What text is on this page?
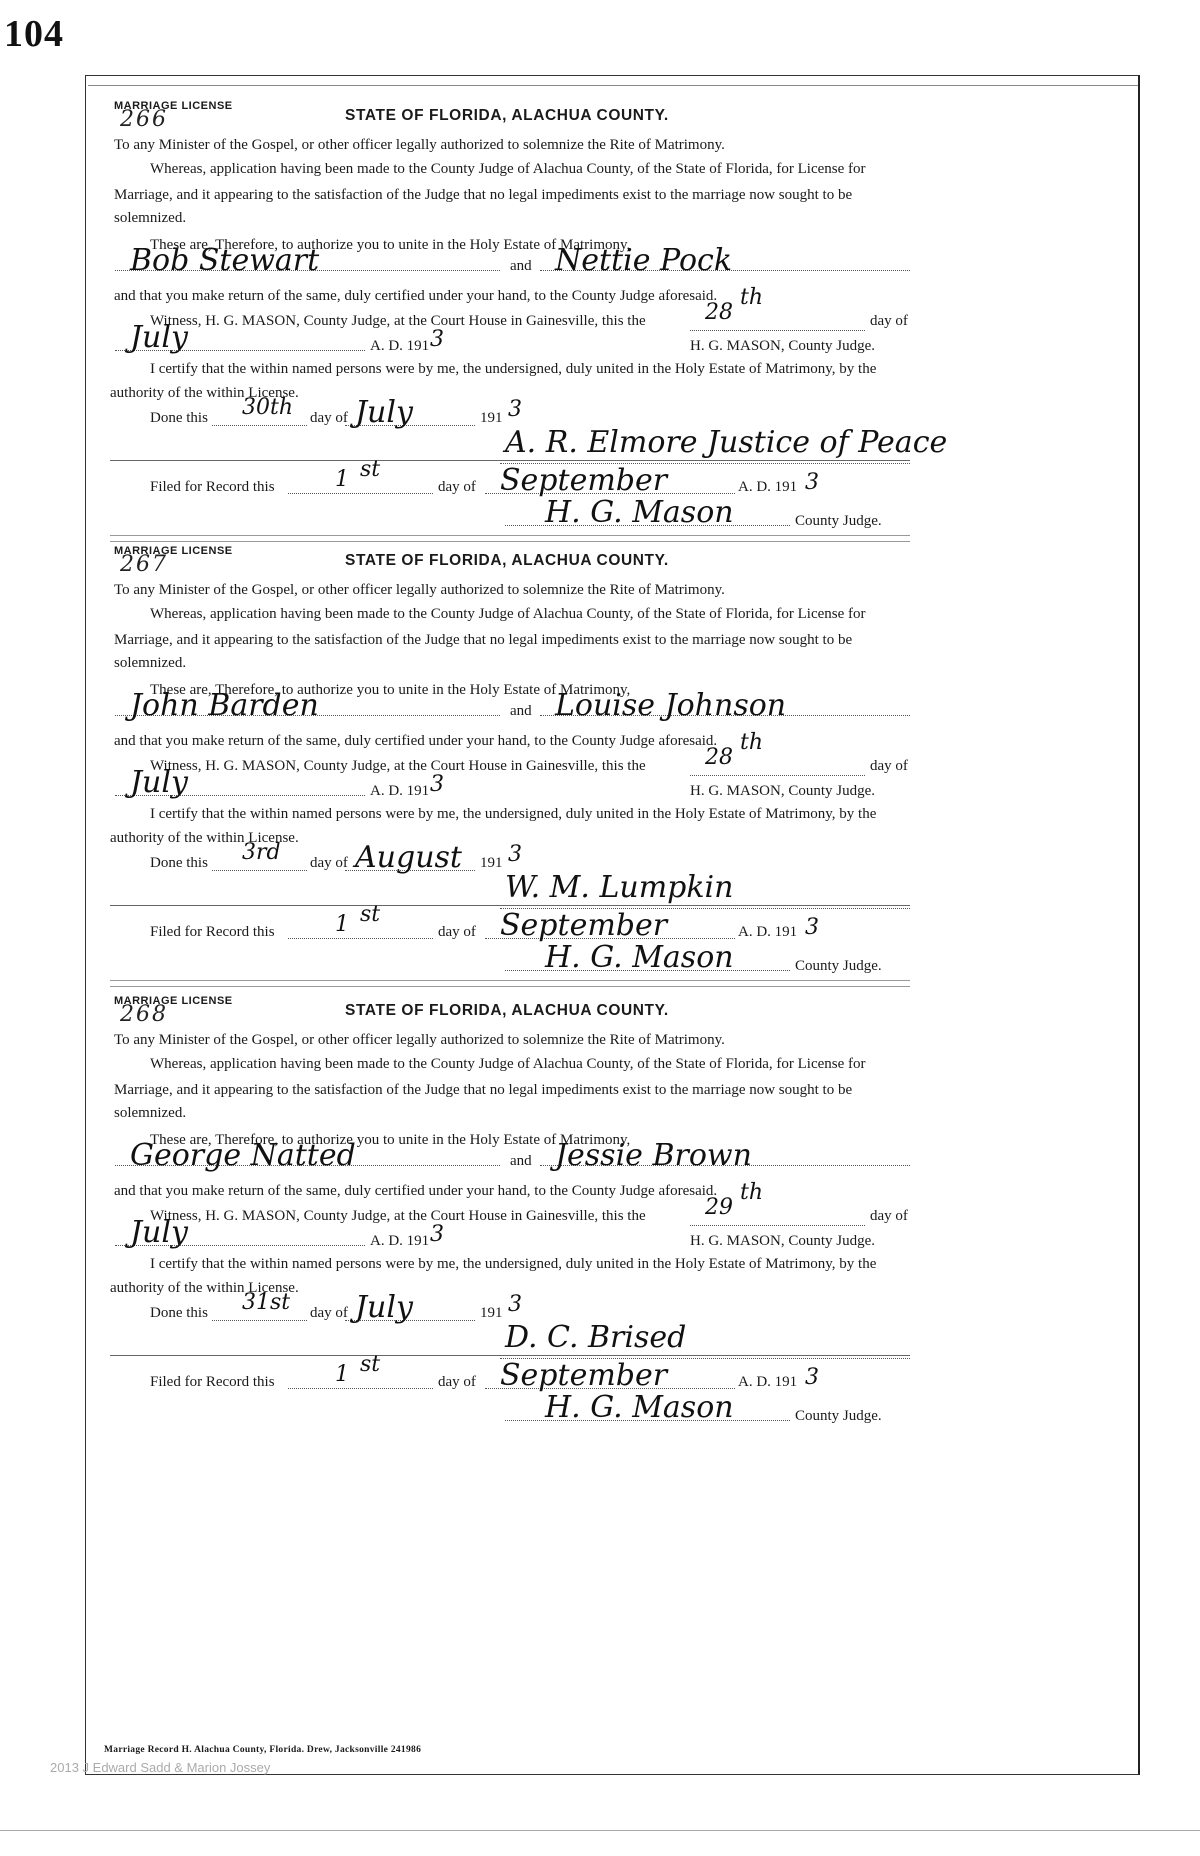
104
MARRIAGE LICENSE
266	STATE OF FLORIDA, ALACHUA COUNTY.
To any Minister of the Gospel, or other officer legally authorized to solemnize the Rite of Matrimony.
Whereas, application having been made to the County Judge of Alachua County, of the State of Florida, for License for
Marriage, and it appearing to the satisfaction of the Judge that no legal impediments exist to the marriage now sought to be
solemnized.
These are, Therefore, to authorize you to unite in the Holy Estate of Matrimony,
Bob Stewart	and Nettie Pock
and that you make return of the same, duly certified under your hand, to the County Judge aforesaid.
Witness, H. G. MASON, County Judge, at the Court House in Gainesville, this the	28
th
day of
July	A. D. 191 3	H. G. MASON, County Judge.
I certify that the within named persons were by me, the undersigned, duly united in the Holy Estate of Matrimony, by the
authority of the within License.
Done this 30th day of July	191 3
A. R. Elmore Justice of Peace
Filed for Record this	1 st
day of September	A. D. 191 3
H. G. Mason	County Judge.
MARRIAGE LICENSE
267	STATE OF FLORIDA, ALACHUA COUNTY.
To any Minister of the Gospel, or other officer legally authorized to solemnize the Rite of Matrimony.
Whereas, application having been made to the County Judge of Alachua County, of the State of Florida, for License for
Marriage, and it appearing to the satisfaction of the Judge that no legal impediments exist to the marriage now sought to be
solemnized.
These are, Therefore, to authorize you to unite in the Holy Estate of Matrimony,
John Barden	and Louise Johnson
and that you make return of the same, duly certified under your hand, to the County Judge aforesaid.
Witness, H. G. MASON, County Judge, at the Court House in Gainesville, this the	28
th
day of
July	A. D. 191 3	H. G. MASON, County Judge.
I certify that the within named persons were by me, the undersigned, duly united in the Holy Estate of Matrimony, by the
authority of the within License.
Done this 3rd day of August 191 3
W. M. Lumpkin
Filed for Record this	1 st
day of September	A. D. 191 3
H. G. Mason	County Judge.
MARRIAGE LICENSE
268	STATE OF FLORIDA, ALACHUA COUNTY.
To any Minister of the Gospel, or other officer legally authorized to solemnize the Rite of Matrimony.
Whereas, application having been made to the County Judge of Alachua County, of the State of Florida, for License for
Marriage, and it appearing to the satisfaction of the Judge that no legal impediments exist to the marriage now sought to be
solemnized.
These are, Therefore, to authorize you to unite in the Holy Estate of Matrimony,
George Natted	and Jessie Brown
and that you make return of the same, duly certified under your hand, to the County Judge aforesaid.
Witness, H. G. MASON, County Judge, at the Court House in Gainesville, this the	29
th
day of
July	A. D. 191 3	H. G. MASON, County Judge.
I certify that the within named persons were by me, the undersigned, duly united in the Holy Estate of Matrimony, by the
authority of the within License.
Done this 31st day of July	191 3
D. C. Brised
Filed for Record this	1 st
day of September	A. D. 191 3
H. G. Mason	County Judge.
Marriage Record H. Alachua County, Florida. Drew, Jacksonville 241986
2013 J Edward Sadd & Marion Jossey
